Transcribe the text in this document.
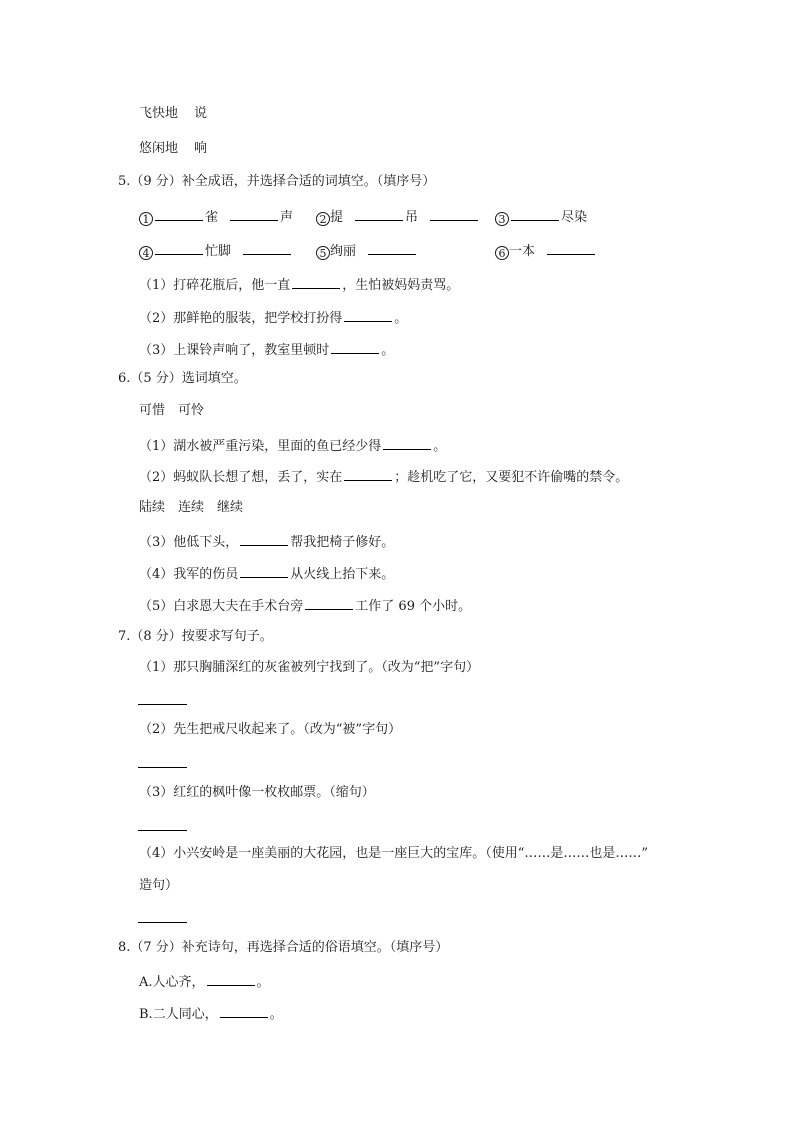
飞快地 说
悠闲地 响
5.（9 分）补全成语，并选择合适的词填空。（填序号）
1	雀	声	2 提	吊	3	尽染
4	忙脚	5 绚丽	6 一本
（1）打碎花瓶后，他一直	，生怕被妈妈责骂。
（2）那鲜艳的服装，把学校打扮得	。
（3）上课铃声响了，教室里顿时	。
6.（5 分）选词填空。
可惜　可怜
（1）湖水被严重污染，里面的鱼已经少得	。
（2）蚂蚁队长想了想，丢了，实在	；趁机吃了它，又要犯不许偷嘴的禁令。
陆续　连续　继续
（3）他低下头，	帮我把椅子修好。
（4）我军的伤员	从火线上抬下来。
（5）白求恩大夫在手术台旁	工作了 69 个小时。
7.（8 分）按要求写句子。
（1）那只胸脯深红的灰雀被列宁找到了。（改为“把”字句）
（2）先生把戒尺收起来了。（改为“被”字句）
（3）红红的枫叶像一枚枚邮票。（缩句）
（4）小兴安岭是一座美丽的大花园，也是一座巨大的宝库。（使用“……是……也是……”
造句）
8.（7 分）补充诗句，再选择合适的俗语填空。（填序号）
A.人心齐，	。
B.二人同心，	。
